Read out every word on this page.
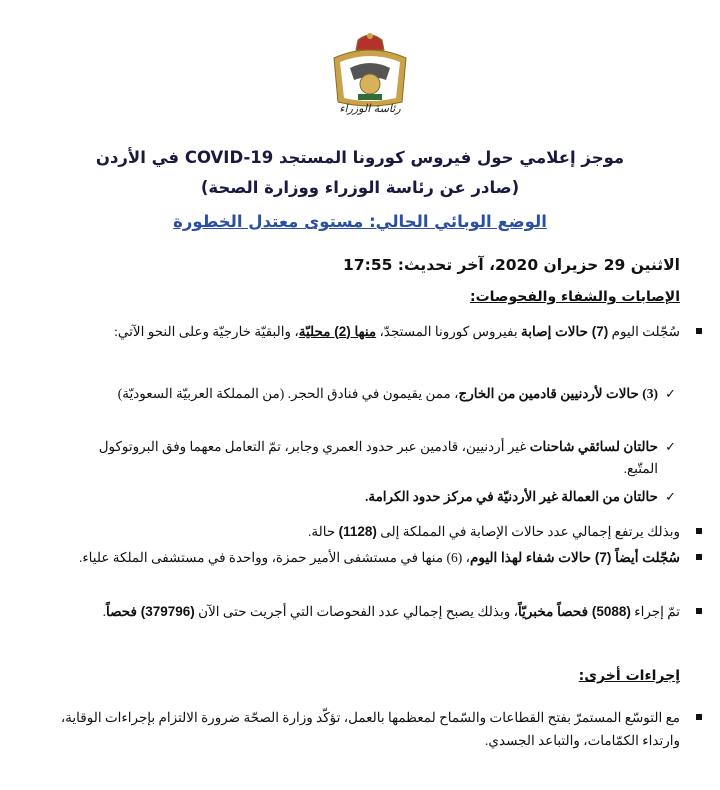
رئاسة الوزراء
موجز إعلامي حول فيروس كورونا المستجد COVID-19 في الأردن
(صادر عن رئاسة الوزراء ووزارة الصحة)
الوضع الوبائي الحالي: مستوى معتدل الخطورة
الاثنين 29 حزيران 2020، آخر تحديث: 17:55
الإصابات والشفاء والفحوصات:
سُجّلت اليوم (7) حالات إصابة بفيروس كورونا المستجدّ، منها (2) محليّة، والبقيّة خارجيّة وعلى النحو الآتي:
✓
(3) حالات لأردنيين قادمين من الخارج، ممن يقيمون في فنادق الحجر. (من المملكة العربيّة السعوديّة)
✓
حالتان لسائقي شاحنات غير أردنيين، قادمين عبر حدود العمري وجابر، تمّ التعامل معهما وفق البروتوكول المتّبع.
✓
حالتان من العمالة غير الأردنيّة في مركز حدود الكرامة.
وبذلك يرتفع إجمالي عدد حالات الإصابة في المملكة إلى (1128) حالة.
سُجّلت أيضاً (7) حالات شفاء لهذا اليوم، (6) منها في مستشفى الأمير حمزة، وواحدة في مستشفى الملكة علياء.
تمّ إجراء (5088) فحصاً مخبريّاً، وبذلك يصبح إجمالي عدد الفحوصات التي أجريت حتى الآن (379796) فحصاً.
إجراءات أخرى:
مع التوسّع المستمرّ بفتح القطاعات والسّماح لمعظمها بالعمل، تؤكّد وزارة الصحّة ضرورة الالتزام بإجراءات الوقاية، وارتداء الكمّامات، والتباعد الجسدي.
